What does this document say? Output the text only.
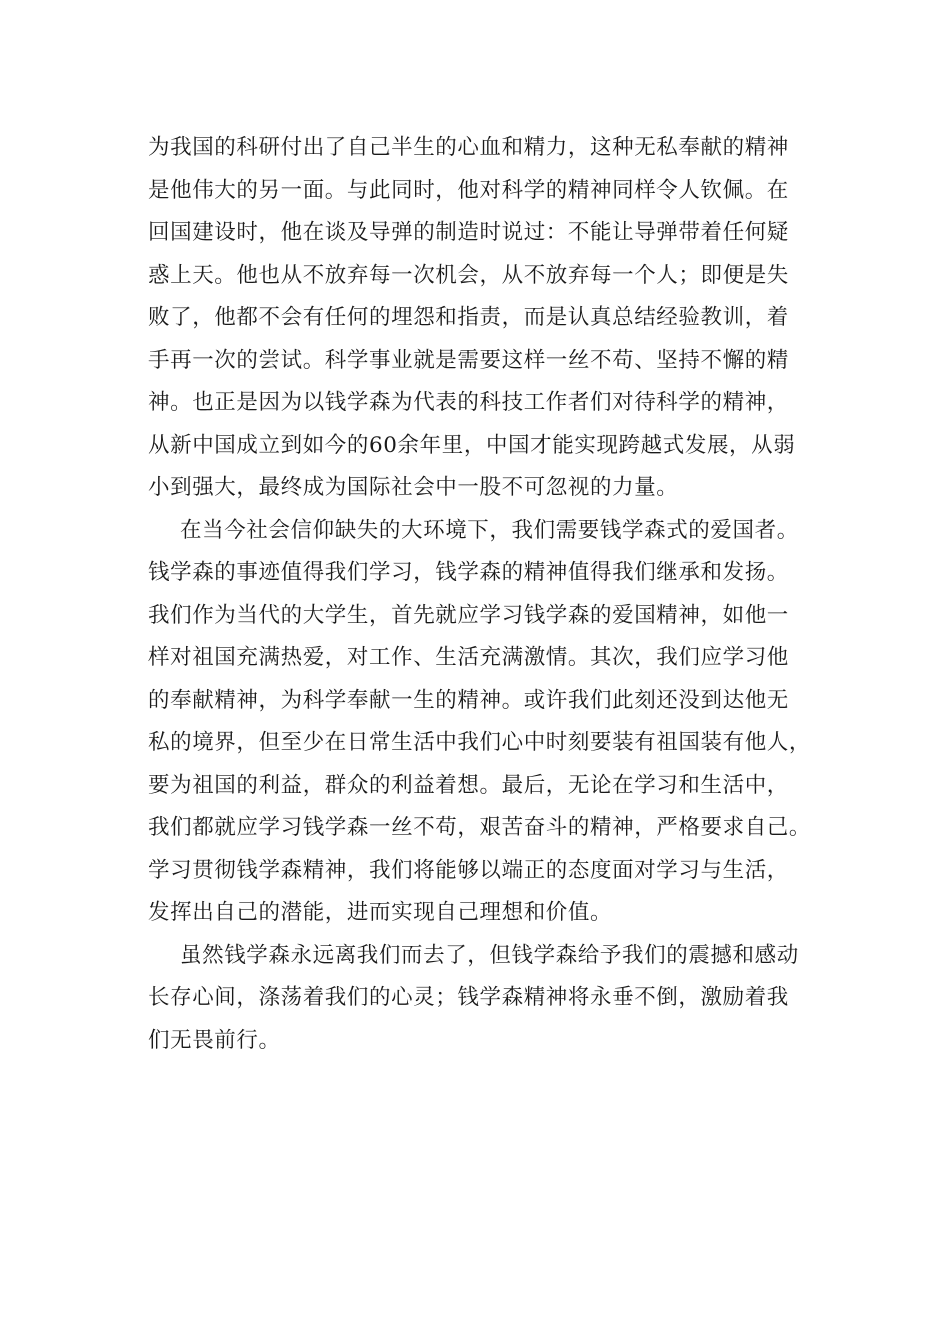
为我国的科研付出了自己半生的心血和精力，这种无私奉献的精神
是他伟大的另一面。与此同时，他对科学的精神同样令人钦佩。在
回国建设时，他在谈及导弹的制造时说过：不能让导弹带着任何疑
惑上天。他也从不放弃每一次机会，从不放弃每一个人；即便是失
败了，他都不会有任何的埋怨和指责，而是认真总结经验教训，着
手再一次的尝试。科学事业就是需要这样一丝不苟、坚持不懈的精
神。也正是因为以钱学森为代表的科技工作者们对待科学的精神，
从新中国成立到如今的60余年里，中国才能实现跨越式发展，从弱
小到强大，最终成为国际社会中一股不可忽视的力量。
在当今社会信仰缺失的大环境下，我们需要钱学森式的爱国者。
钱学森的事迹值得我们学习，钱学森的精神值得我们继承和发扬。
我们作为当代的大学生，首先就应学习钱学森的爱国精神，如他一
样对祖国充满热爱，对工作、生活充满激情。其次，我们应学习他
的奉献精神，为科学奉献一生的精神。或许我们此刻还没到达他无
私的境界，但至少在日常生活中我们心中时刻要装有祖国装有他人，
要为祖国的利益，群众的利益着想。最后，无论在学习和生活中，
我们都就应学习钱学森一丝不苟，艰苦奋斗的精神，严格要求自己。
学习贯彻钱学森精神，我们将能够以端正的态度面对学习与生活，
发挥出自己的潜能，进而实现自己理想和价值。
虽然钱学森永远离我们而去了，但钱学森给予我们的震撼和感动
长存心间，涤荡着我们的心灵；钱学森精神将永垂不倒，激励着我
们无畏前行。
